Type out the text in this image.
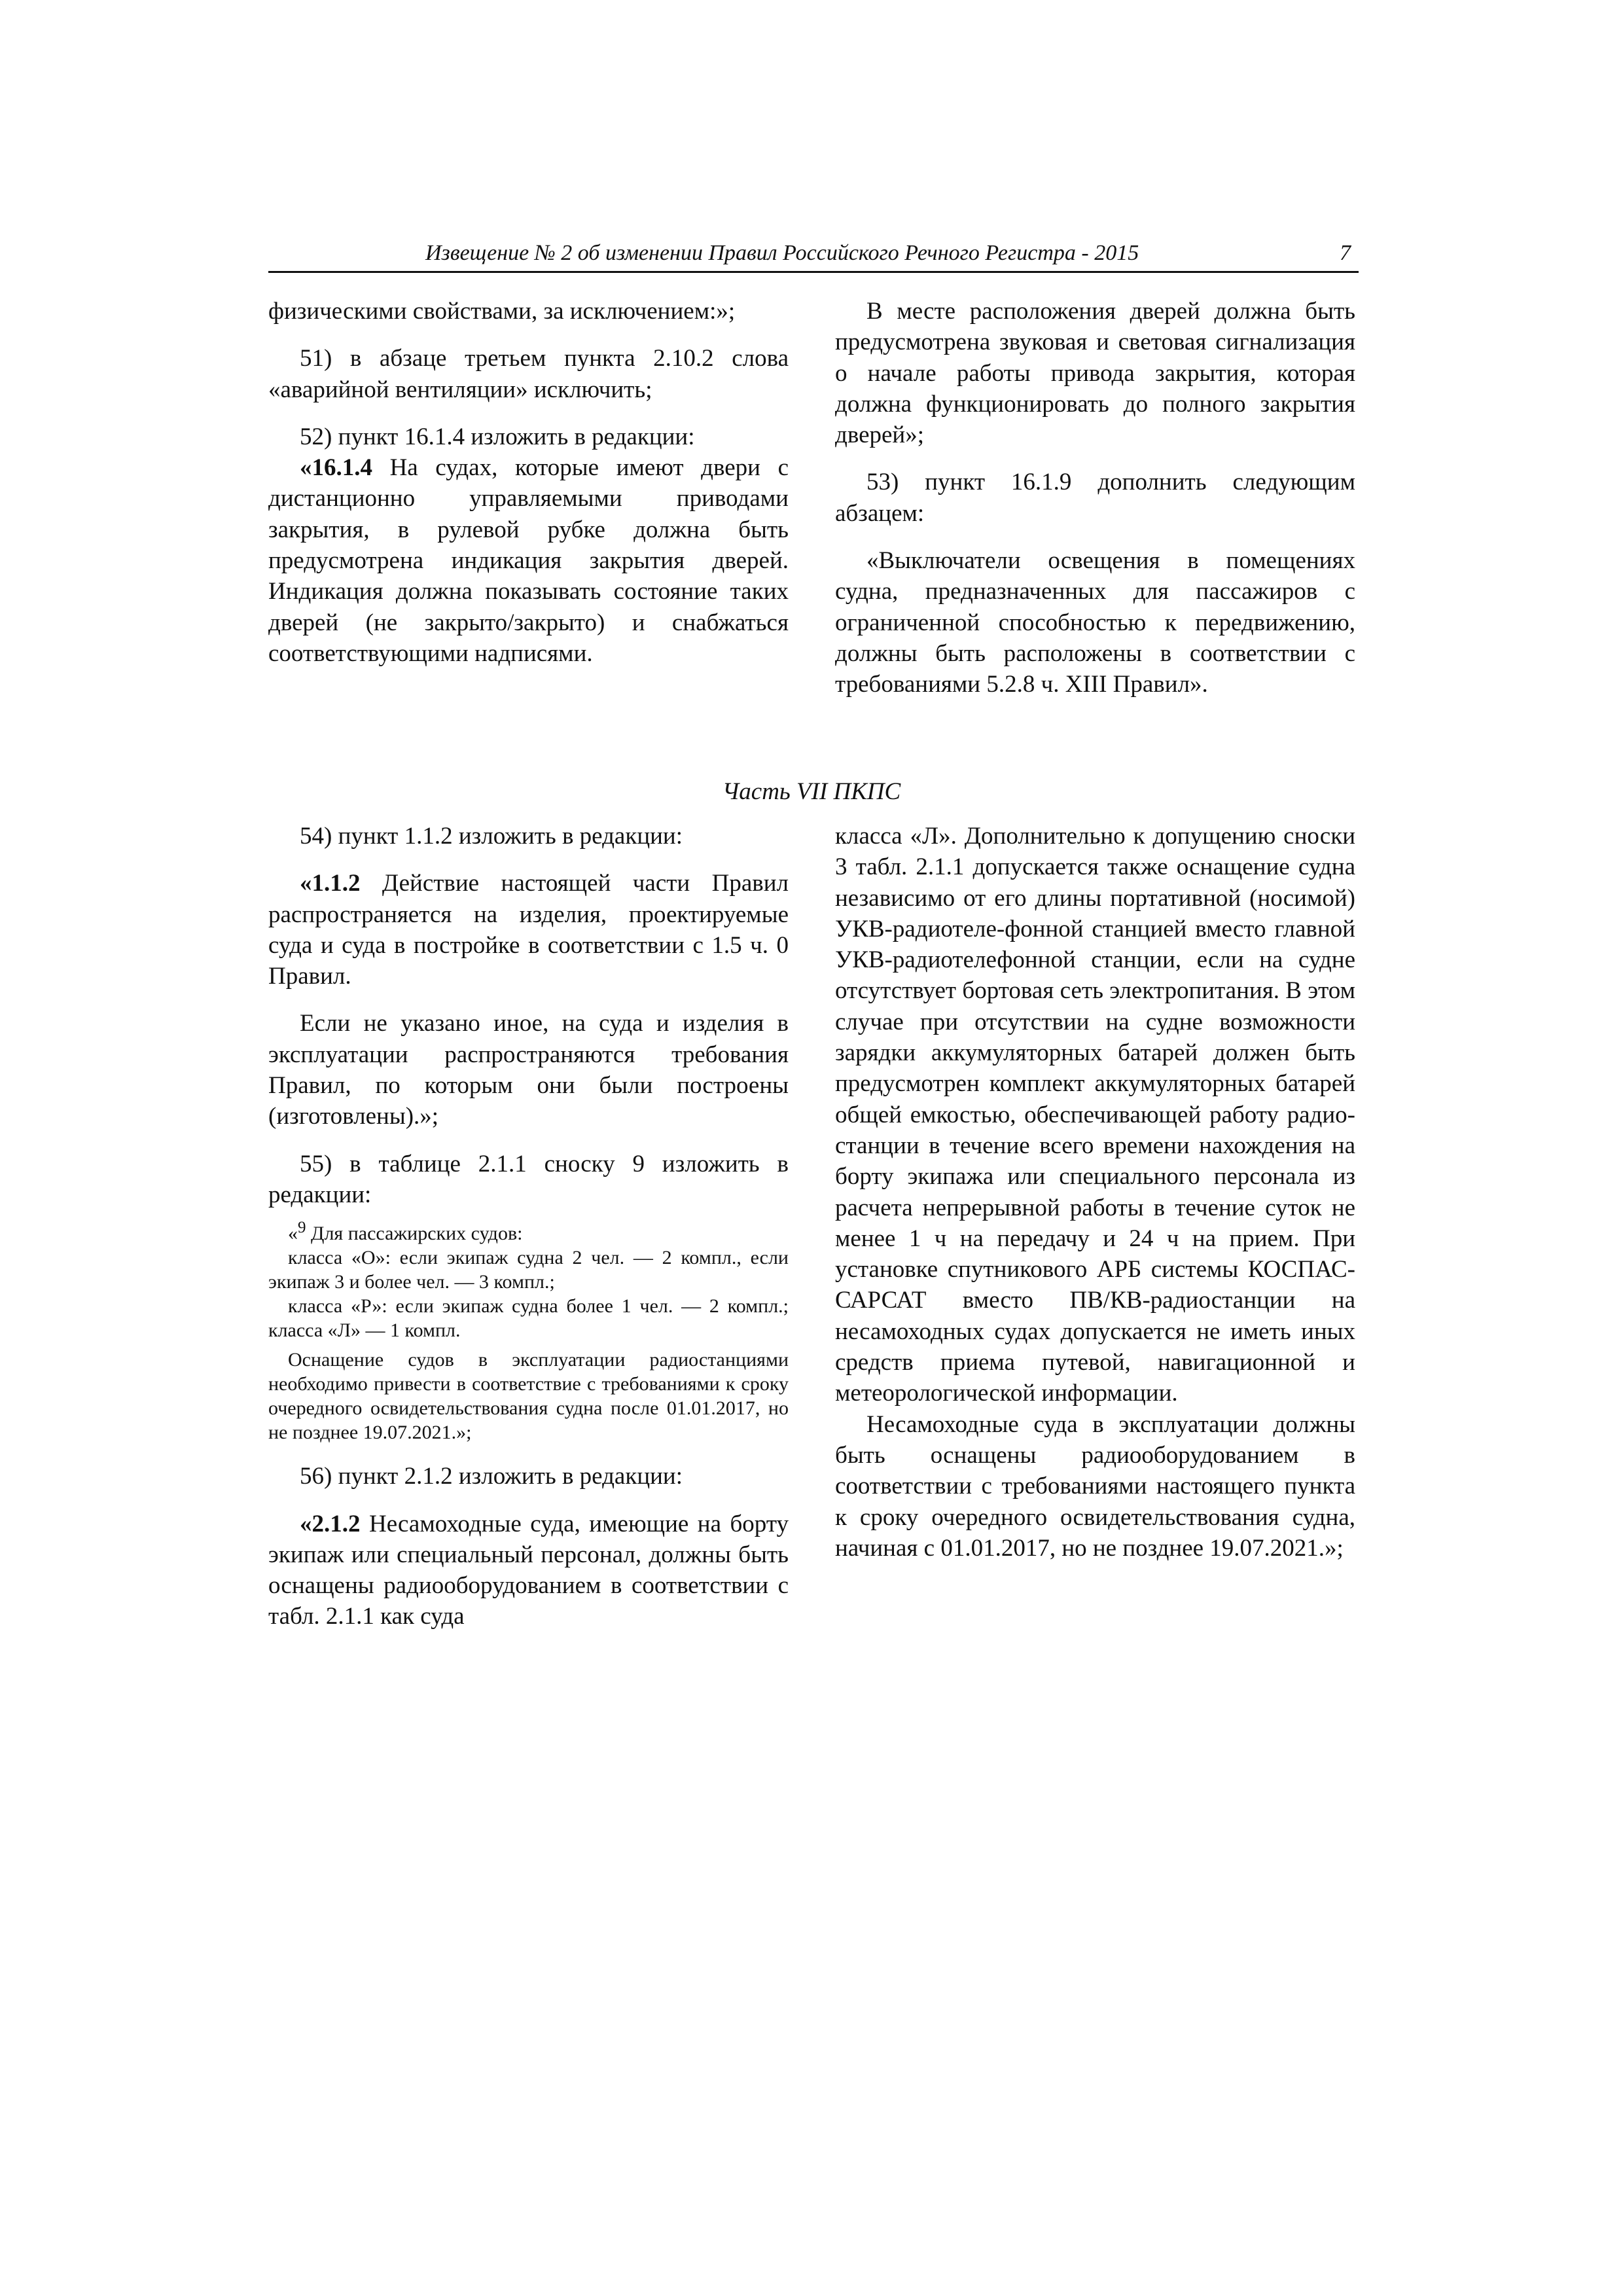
Извещение № 2 об изменении Правил Российского Речного Регистра - 2015	7

физическими свойствами, за исключением:»;

51) в абзаце третьем пункта 2.10.2 слова «аварийной вентиляции» исключить;

52) пункт 16.1.4 изложить в редакции:

«16.1.4 На судах, которые имеют двери с дистанционно управляемыми приводами закрытия, в рулевой рубке должна быть предусмотрена индикация закрытия дверей. Индикация должна показывать состояние таких дверей (не закрыто/закрыто) и снабжаться соответствующими надписями.

В месте расположения дверей должна быть предусмотрена звуковая и световая сигнализация о начале работы привода закрытия, которая должна функционировать до полного закрытия дверей»;

53) пункт 16.1.9 дополнить следующим абзацем:

«Выключатели освещения в помещениях судна, предназначенных для пассажиров с ограниченной способностью к передвижению, должны быть расположены в соответствии с требованиями 5.2.8 ч. XIII Правил».

Часть VII ПКПС

54) пункт 1.1.2 изложить в редакции:

«1.1.2 Действие настоящей части Правил распространяется на изделия, проектируемые суда и суда в постройке в соответствии с 1.5 ч. 0 Правил.

Если не указано иное, на суда и изделия в эксплуатации распространяются требования Правил, по которым они были построены (изготовлены).»;

55) в таблице 2.1.1 сноску 9 изложить в редакции:

«$^9$ Для пассажирских судов:

класса «О»: если экипаж судна 2 чел. — 2 компл., если экипаж 3 и более чел. — 3 компл.;

класса «Р»: если экипаж судна более 1 чел. — 2 компл.; класса «Л» — 1 компл.

Оснащение судов в эксплуатации радиостанциями необходимо привести в соответствие с требованиями к сроку очередного освидетельствования судна после 01.01.2017, но не позднее 19.07.2021.»;

56) пункт 2.1.2 изложить в редакции:

«2.1.2 Несамоходные суда, имеющие на борту экипаж или специальный персонал, должны быть оснащены радиооборудованием в соответствии с табл. 2.1.1 как суда

класса «Л». Дополнительно к допущению сноски 3 табл. 2.1.1 допускается также оснащение судна независимо от его длины портативной (носимой) УКВ-радиотеле-фонной станцией вместо главной УКВ-радиотелефонной станции, если на судне отсутствует бортовая сеть электропитания. В этом случае при отсутствии на судне возможности зарядки аккумуляторных батарей должен быть предусмотрен комплект аккумуляторных батарей общей емкостью, обеспечивающей работу радиостанции в течение всего времени нахождения на борту экипажа или специального персонала из расчета непрерывной работы в течение суток не менее 1 ч на передачу и 24 ч на прием. При установке спутникового АРБ системы КОСПАС-САРСАТ вместо ПВ/КВ-радиостанции на несамоходных судах допускается не иметь иных средств приема путевой, навигационной и метеорологической информации.

Несамоходные суда в эксплуатации должны быть оснащены радиооборудованием в соответствии с требованиями настоящего пункта к сроку очередного освидетельствования судна, начиная с 01.01.2017, но не позднее 19.07.2021.»;
